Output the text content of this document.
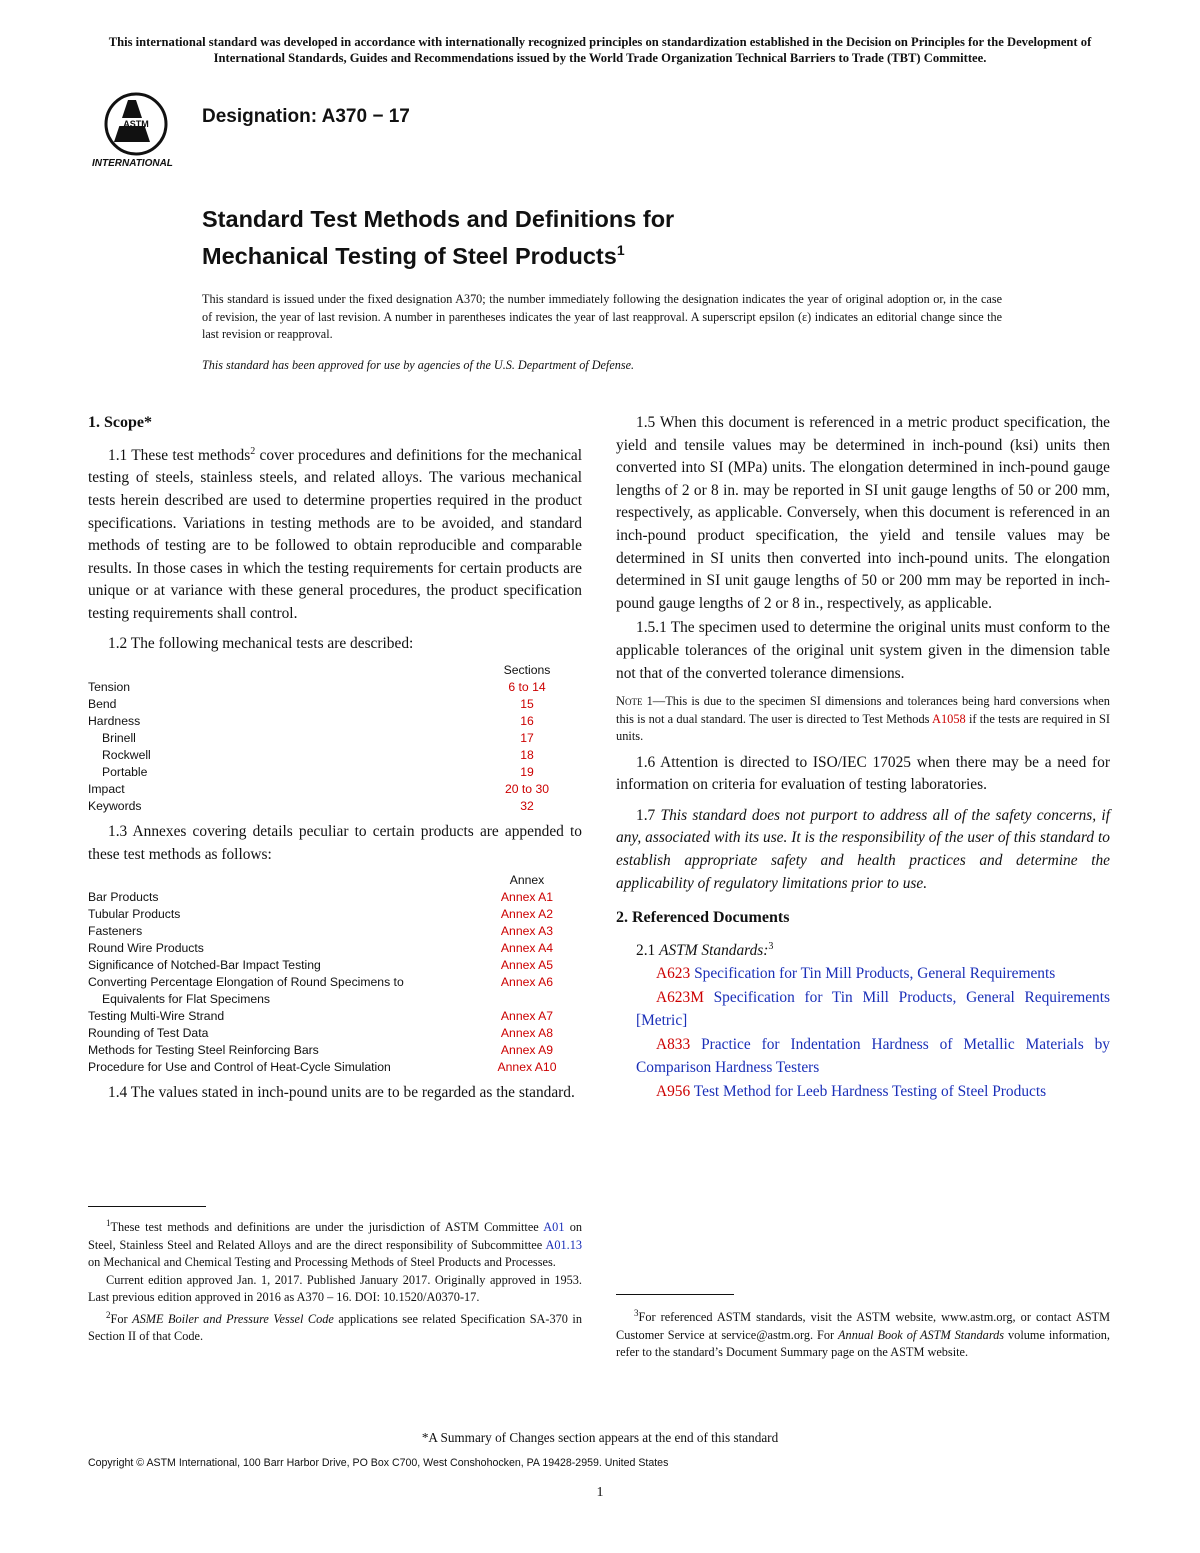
This international standard was developed in accordance with internationally recognized principles on standardization established in the Decision on Principles for the Development of International Standards, Guides and Recommendations issued by the World Trade Organization Technical Barriers to Trade (TBT) Committee.
ASTM
INTERNATIONAL
Designation: A370 − 17
Standard Test Methods and Definitions for
Mechanical Testing of Steel Products$^1$
This standard is issued under the fixed designation A370; the number immediately following the designation indicates the year of original adoption or, in the case of revision, the year of last revision. A number in parentheses indicates the year of last reapproval. A superscript epsilon (ε) indicates an editorial change since the last revision or reapproval.
This standard has been approved for use by agencies of the U.S. Department of Defense.
1. Scope*

1.1 These test methods$^2$ cover procedures and definitions for the mechanical testing of steels, stainless steels, and related alloys. The various mechanical tests herein described are used to determine properties required in the product specifications. Variations in testing methods are to be avoided, and standard methods of testing are to be followed to obtain reproducible and comparable results. In those cases in which the testing requirements for certain products are unique or at variance with these general procedures, the product specification testing requirements shall control.

1.2 The following mechanical tests are described:

Sections
Tension	6 to 14
Bend	15
Hardness	16
Brinell	17
Rockwell	18
Portable	19
Impact	20 to 30
Keywords	32

1.3 Annexes covering details peculiar to certain products are appended to these test methods as follows:

Annex
Bar Products	Annex A1
Tubular Products	Annex A2
Fasteners	Annex A3
Round Wire Products	Annex A4
Significance of Notched-Bar Impact Testing	Annex A5
Converting Percentage Elongation of Round Specimens to	Annex A6
Equivalents for Flat Specimens
Testing Multi-Wire Strand	Annex A7
Rounding of Test Data	Annex A8
Methods for Testing Steel Reinforcing Bars	Annex A9
Procedure for Use and Control of Heat-Cycle Simulation	Annex A10

1.4 The values stated in inch-pound units are to be regarded as the standard.

1.5 When this document is referenced in a metric product specification, the yield and tensile values may be determined in inch-pound (ksi) units then converted into SI (MPa) units. The elongation determined in inch-pound gauge lengths of 2 or 8 in. may be reported in SI unit gauge lengths of 50 or 200 mm, respectively, as applicable. Conversely, when this document is referenced in an inch-pound product specification, the yield and tensile values may be determined in SI units then converted into inch-pound units. The elongation determined in SI unit gauge lengths of 50 or 200 mm may be reported in inch-pound gauge lengths of 2 or 8 in., respectively, as applicable.

1.5.1 The specimen used to determine the original units must conform to the applicable tolerances of the original unit system given in the dimension table not that of the converted tolerance dimensions.

Note 1—This is due to the specimen SI dimensions and tolerances being hard conversions when this is not a dual standard. The user is directed to Test Methods A1058 if the tests are required in SI units.

1.6 Attention is directed to ISO/IEC 17025 when there may be a need for information on criteria for evaluation of testing laboratories.

1.7 This standard does not purport to address all of the safety concerns, if any, associated with its use. It is the responsibility of the user of this standard to establish appropriate safety and health practices and determine the applicability of regulatory limitations prior to use.

2. Referenced Documents

2.1 ASTM Standards:$^3$

A623 Specification for Tin Mill Products, General Requirements

A623M Specification for Tin Mill Products, General Requirements [Metric]

A833 Practice for Indentation Hardness of Metallic Materials by Comparison Hardness Testers

A956 Test Method for Leeb Hardness Testing of Steel Products

$^1$These test methods and definitions are under the jurisdiction of ASTM Committee A01 on Steel, Stainless Steel and Related Alloys and are the direct responsibility of Subcommittee A01.13 on Mechanical and Chemical Testing and Processing Methods of Steel Products and Processes.

Current edition approved Jan. 1, 2017. Published January 2017. Originally approved in 1953. Last previous edition approved in 2016 as A370 – 16. DOI: 10.1520/A0370-17.

$^2$For ASME Boiler and Pressure Vessel Code applications see related Specification SA-370 in Section II of that Code.

$^3$For referenced ASTM standards, visit the ASTM website, www.astm.org, or contact ASTM Customer Service at service@astm.org. For Annual Book of ASTM Standards volume information, refer to the standard’s Document Summary page on the ASTM website.

*A Summary of Changes section appears at the end of this standard
Copyright © ASTM International, 100 Barr Harbor Drive, PO Box C700, West Conshohocken, PA 19428-2959. United States
1
